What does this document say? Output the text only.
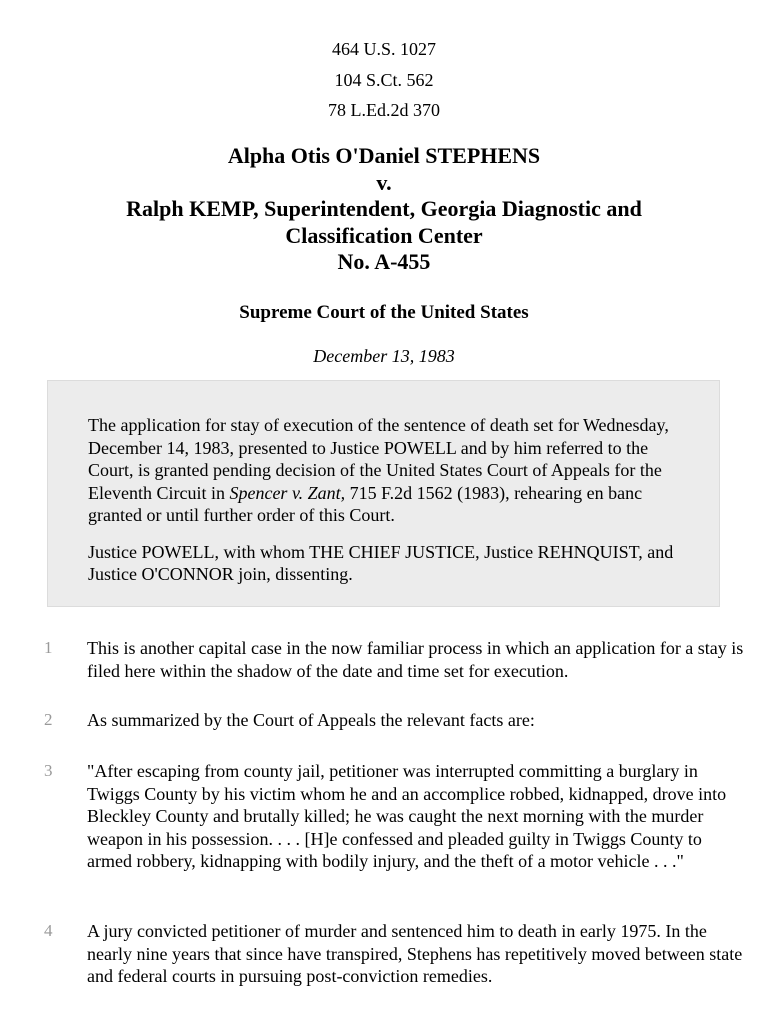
464 U.S. 1027
104 S.Ct. 562
78 L.Ed.2d 370
Alpha Otis O'Daniel STEPHENS
v.
Ralph KEMP, Superintendent, Georgia Diagnostic and
Classification Center
No. A-455
Supreme Court of the United States
December 13, 1983

The application for stay of execution of the sentence of death set for Wednesday, December 14, 1983, presented to Justice POWELL and by him referred to the Court, is granted pending decision of the United States Court of Appeals for the Eleventh Circuit in Spencer v. Zant, 715 F.2d 1562 (1983), rehearing en banc granted or until further order of this Court.

Justice POWELL, with whom THE CHIEF JUSTICE, Justice REHNQUIST, and Justice O'CONNOR join, dissenting.

1	This is another capital case in the now familiar process in which an application for a stay is filed here within the shadow of the date and time set for execution.

2	As summarized by the Court of Appeals the relevant facts are:

3	"After escaping from county jail, petitioner was interrupted committing a burglary in Twiggs County by his victim whom he and an accomplice robbed, kidnapped, drove into Bleckley County and brutally killed; he was caught the next morning with the murder weapon in his possession. . . . [H]e confessed and pleaded guilty in Twiggs County to armed robbery, kidnapping with bodily injury, and the theft of a motor vehicle . . ."

4	A jury convicted petitioner of murder and sentenced him to death in early 1975. In the nearly nine years that since have transpired, Stephens has repetitively moved between state and federal courts in pursuing post-conviction remedies.
